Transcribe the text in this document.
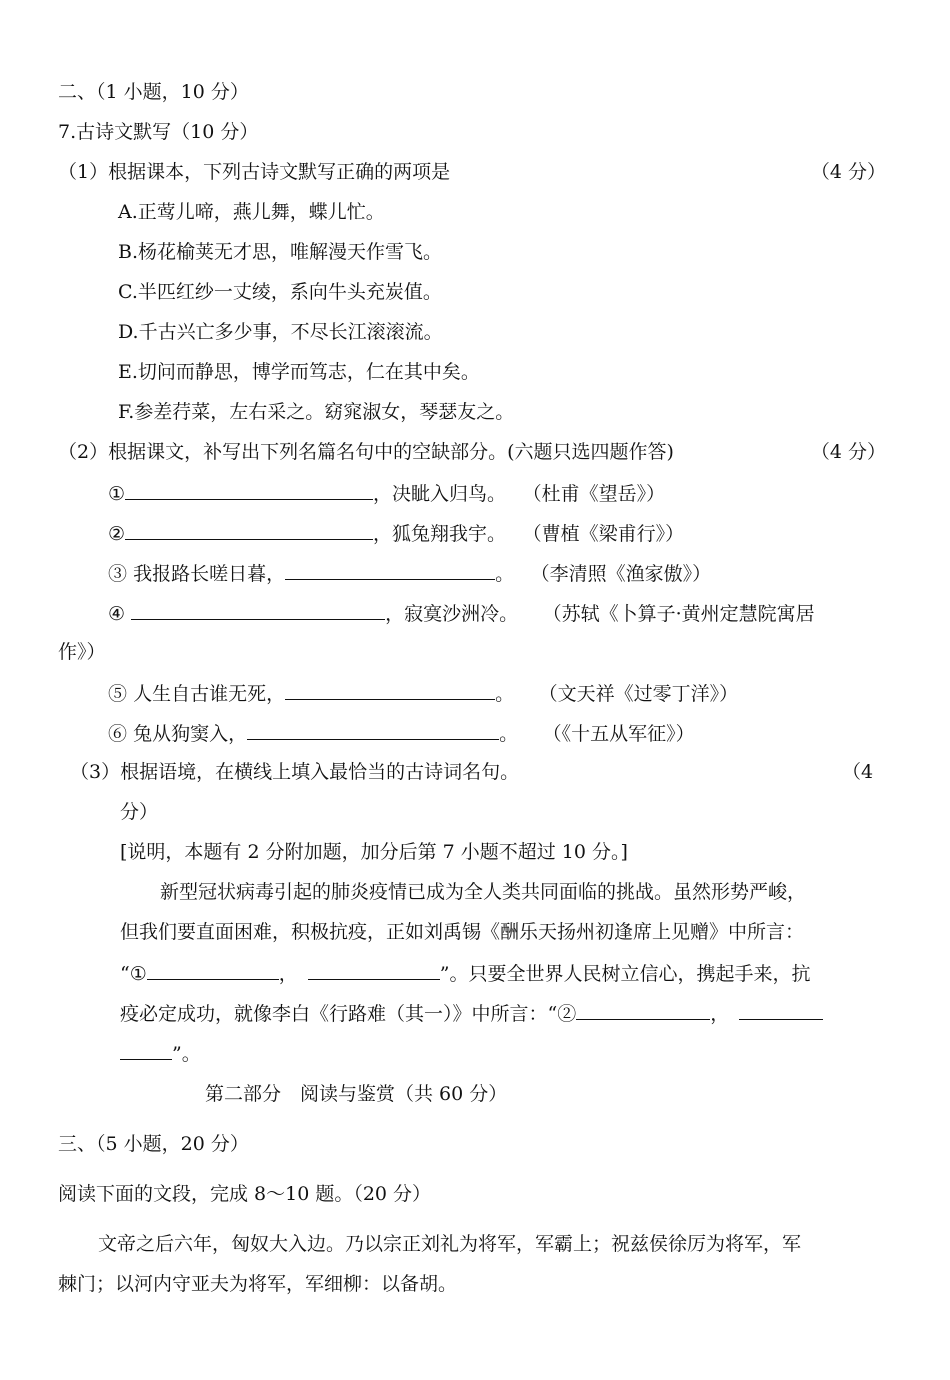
二、（1 小题，10 分）
7.古诗文默写（10 分）
（1）根据课本，下列古诗文默写正确的两项是	（4 分）
A.正莺儿啼，燕儿舞，蝶儿忙。
B.杨花榆荚无才思，唯解漫天作雪飞。
C.半匹红纱一丈绫，系向牛头充炭值。
D.千古兴亡多少事，不尽长江滚滚流。
E.切问而静思，博学而笃志，仁在其中矣。
F.参差荇菜，左右采之。窈窕淑女，琴瑟友之。
（2）根据课文，补写出下列名篇名句中的空缺部分。(六题只选四题作答)	（4 分）
①	，决眦入归鸟。 （杜甫《望岳》）
②	，狐兔翔我宇。 （曹植《梁甫行》）
③ 我报路长嗟日暮，	。 （李清照《渔家傲》）
④	，寂寞沙洲冷。 （苏轼《卜算子·黄州定慧院寓居
作》）
⑤ 人生自古谁无死，	。 （文天祥《过零丁洋》）
⑥ 兔从狗窦入，	。 （《十五从军征》）
（3）根据语境，在横线上填入最恰当的古诗词名句。	（4
分）
[说明，本题有 2 分附加题，加分后第 7 小题不超过 10 分。]
新型冠状病毒引起的肺炎疫情已成为全人类共同面临的挑战。虽然形势严峻，
但我们要直面困难，积极抗疫，正如刘禹锡《酬乐天扬州初逢席上见赠》中所言：
“①	，	”。只要全世界人民树立信心，携起手来，抗
疫必定成功，就像李白《行路难（其一）》中所言：“②	，
”。
第二部分　阅读与鉴赏（共 60 分）
三、（5 小题，20 分）
阅读下面的文段，完成 8～10 题。（20 分）
文帝之后六年，匈奴大入边。乃以宗正刘礼为将军，军霸上；祝兹侯徐厉为将军，军
棘门；以河内守亚夫为将军，军细柳：以备胡。
